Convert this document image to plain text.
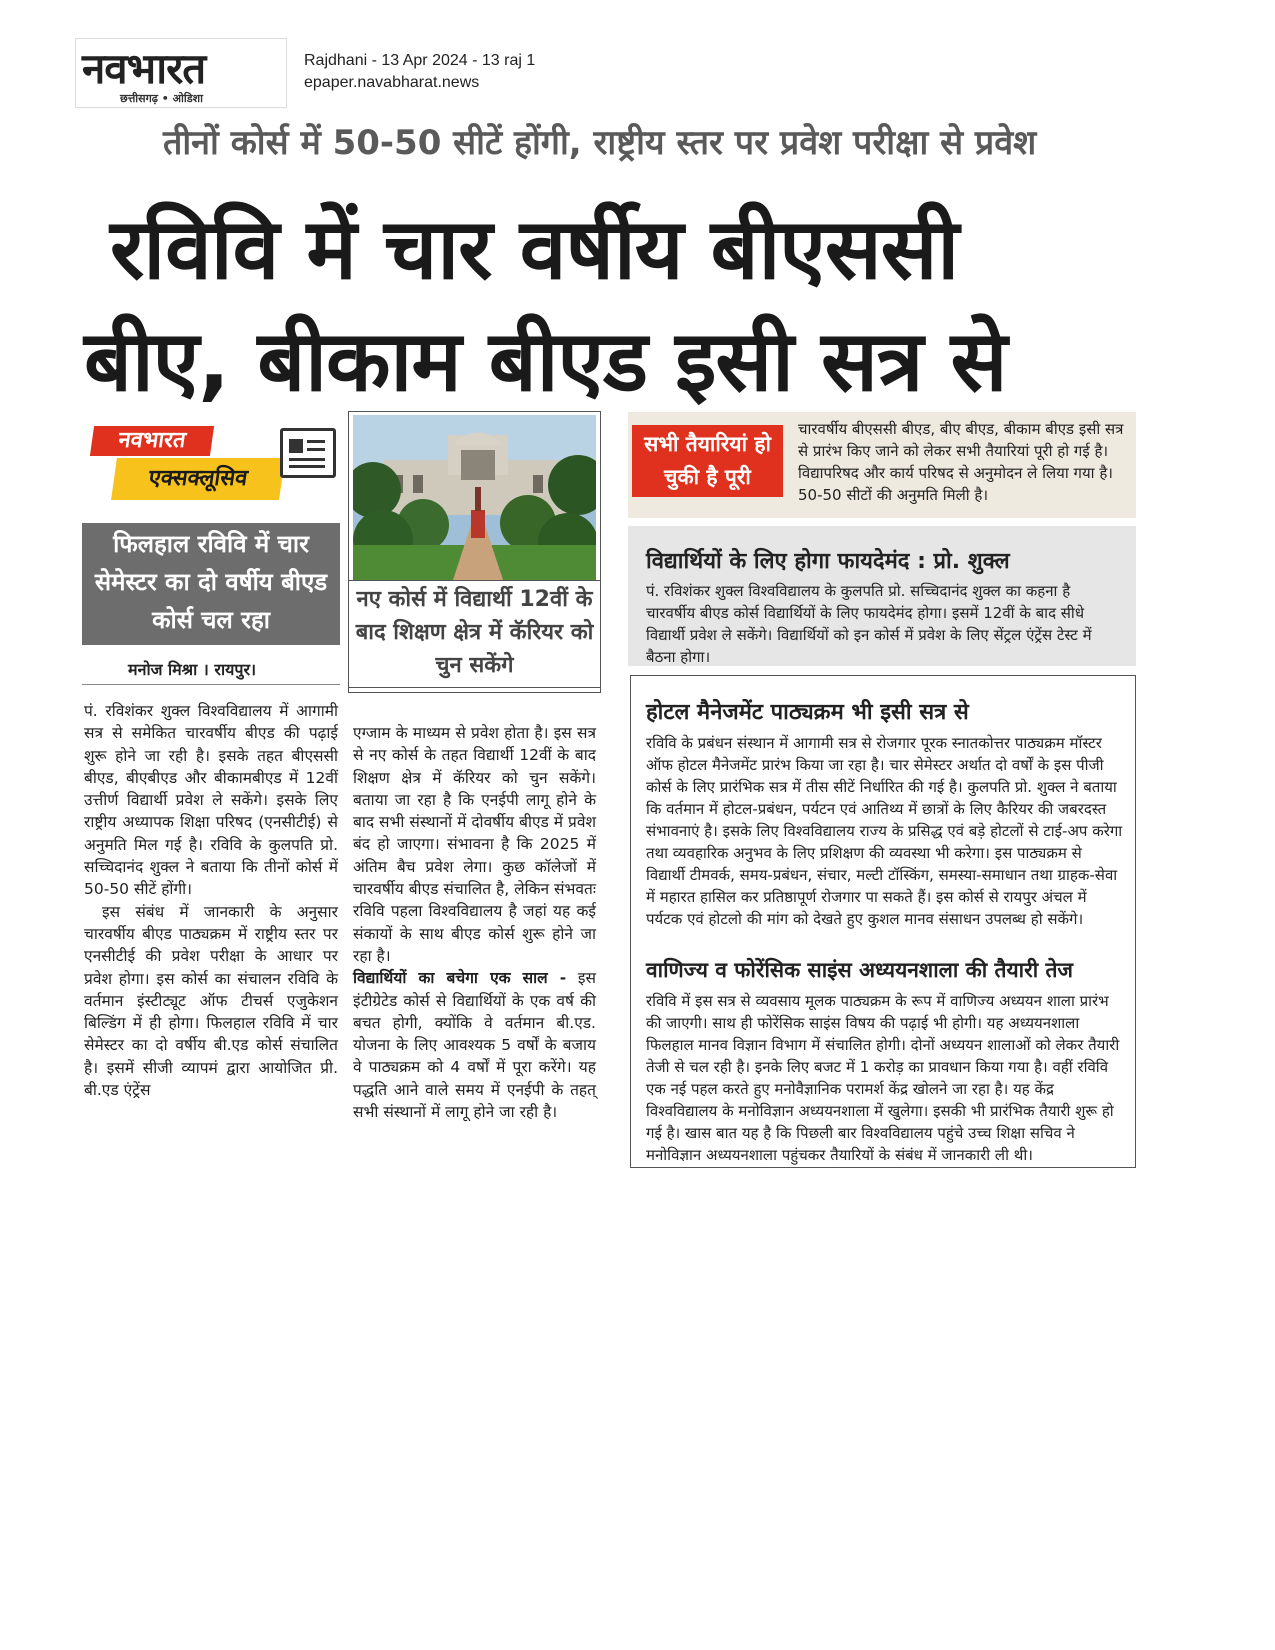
नवभारत
छत्तीसगढ़ • ओडिशा
Rajdhani - 13 Apr 2024 - 13 raj 1
epaper.navabharat.news
तीनों कोर्स में 50-50 सीटें होंगी, राष्ट्रीय स्तर पर प्रवेश परीक्षा से प्रवेश
रविवि में चार वर्षीय बीएससी
बीए, बीकाम बीएड इसी सत्र से
नवभारत
एक्सक्लूसिव
फिलहाल रविवि में चार सेमेस्टर का दो वर्षीय बीएड कोर्स चल रहा
मनोज मिश्रा । रायपुर।

पं. रविशंकर शुक्ल विश्वविद्यालय में आगामी सत्र से समेकित चारवर्षीय बीएड की पढ़ाई शुरू होने जा रही है। इसके तहत बीएससी बीएड, बीएबीएड और बीकामबीएड में 12वीं उत्तीर्ण विद्यार्थी प्रवेश ले सकेंगे। इसके लिए राष्ट्रीय अध्यापक शिक्षा परिषद (एनसीटीई) से अनुमति मिल गई है। रविवि के कुलपति प्रो. सच्चिदानंद शुक्ल ने बताया कि तीनों कोर्स में 50-50 सीटें होंगी।

इस संबंध में जानकारी के अनुसार चारवर्षीय बीएड पाठ्यक्रम में राष्ट्रीय स्तर पर एनसीटीई की प्रवेश परीक्षा के आधार पर प्रवेश होगा। इस कोर्स का संचालन रविवि के वर्तमान इंस्टीट्यूट ऑफ टीचर्स एजुकेशन बिल्डिंग में ही होगा। फिलहाल रविवि में चार सेमेस्टर का दो वर्षीय बी.एड कोर्स संचालित है। इसमें सीजी व्यापमं द्वारा आयोजित प्री. बी.एड एंट्रेंस

नए कोर्स में विद्यार्थी 12वीं के बाद शिक्षण क्षेत्र में कॅरियर को चुन सकेंगे

एग्जाम के माध्यम से प्रवेश होता है। इस सत्र से नए कोर्स के तहत विद्यार्थी 12वीं के बाद शिक्षण क्षेत्र में कॅरियर को चुन सकेंगे। बताया जा रहा है कि एनईपी लागू होने के बाद सभी संस्थानों में दोवर्षीय बीएड में प्रवेश बंद हो जाएगा। संभावना है कि 2025 में अंतिम बैच प्रवेश लेगा। कुछ कॉलेजों में चारवर्षीय बीएड संचालित है, लेकिन संभवतः रविवि पहला विश्वविद्यालय है जहां यह कई संकायों के साथ बीएड कोर्स शुरू होने जा रहा है।

विद्यार्थियों का बचेगा एक साल - इस इंटीग्रेटेड कोर्स से विद्यार्थियों के एक वर्ष की बचत होगी, क्योंकि वे वर्तमान बी.एड. योजना के लिए आवश्यक 5 वर्षों के बजाय वे पाठ्यक्रम को 4 वर्षों में पूरा करेंगे। यह पद्धति आने वाले समय में एनईपी के तहत् सभी संस्थानों में लागू होने जा रही है।

सभी तैयारियां हो चुकी है पूरी
चारवर्षीय बीएससी बीएड, बीए बीएड, बीकाम बीएड इसी सत्र से प्रारंभ किए जाने को लेकर सभी तैयारियां पूरी हो गई है। विद्यापरिषद और कार्य परिषद से अनुमोदन ले लिया गया है। 50-50 सीटों की अनुमति मिली है।
विद्यार्थियों के लिए होगा फायदेमंद : प्रो. शुक्ल
पं. रविशंकर शुक्ल विश्वविद्यालय के कुलपति प्रो. सच्चिदानंद शुक्ल का कहना है चारवर्षीय बीएड कोर्स विद्यार्थियों के लिए फायदेमंद होगा। इसमें 12वीं के बाद सीधे विद्यार्थी प्रवेश ले सकेंगे। विद्यार्थियों को इन कोर्स में प्रवेश के लिए सेंट्रल एंट्रेंस टेस्ट में बैठना होगा।
होटल मैनेजमेंट पाठ्यक्रम भी इसी सत्र से
रविवि के प्रबंधन संस्थान में आगामी सत्र से रोजगार पूरक स्नातकोत्तर पाठ्यक्रम मॉस्टर ऑफ होटल मैनेजमेंट प्रारंभ किया जा रहा है। चार सेमेस्टर अर्थात दो वर्षों के इस पीजी कोर्स के लिए प्रारंभिक सत्र में तीस सीटें निर्धारित की गई है। कुलपति प्रो. शुक्ल ने बताया कि वर्तमान में होटल-प्रबंधन, पर्यटन एवं आतिथ्य में छात्रों के लिए कैरियर की जबरदस्त संभावनाएं है। इसके लिए विश्वविद्यालय राज्य के प्रसिद्ध एवं बड़े होटलों से टाई-अप करेगा तथा व्यवहारिक अनुभव के लिए प्रशिक्षण की व्यवस्था भी करेगा। इस पाठ्यक्रम से विद्यार्थी टीमवर्क, समय-प्रबंधन, संचार, मल्टी टॉस्किंग, समस्या-समाधान तथा ग्राहक-सेवा में महारत हासिल कर प्रतिष्ठापूर्ण रोजगार पा सकते हैं। इस कोर्स से रायपुर अंचल में पर्यटक एवं होटलो की मांग को देखते हुए कुशल मानव संसाधन उपलब्ध हो सकेंगे।
वाणिज्य व फोरेंसिक साइंस अध्ययनशाला की तैयारी तेज
रविवि में इस सत्र से व्यवसाय मूलक पाठ्यक्रम के रूप में वाणिज्य अध्ययन शाला प्रारंभ की जाएगी। साथ ही फोरेंसिक साइंस विषय की पढ़ाई भी होगी। यह अध्ययनशाला फिलहाल मानव विज्ञान विभाग में संचालित होगी। दोनों अध्ययन शालाओं को लेकर तैयारी तेजी से चल रही है। इनके लिए बजट में 1 करोड़ का प्रावधान किया गया है। वहीं रविवि एक नई पहल करते हुए मनोवैज्ञानिक परामर्श केंद्र खोलने जा रहा है। यह केंद्र विश्वविद्यालय के मनोविज्ञान अध्ययनशाला में खुलेगा। इसकी भी प्रारंभिक तैयारी शुरू हो गई है। खास बात यह है कि पिछली बार विश्वविद्यालय पहुंचे उच्च शिक्षा सचिव ने मनोविज्ञान अध्ययनशाला पहुंचकर तैयारियों के संबंध में जानकारी ली थी।
